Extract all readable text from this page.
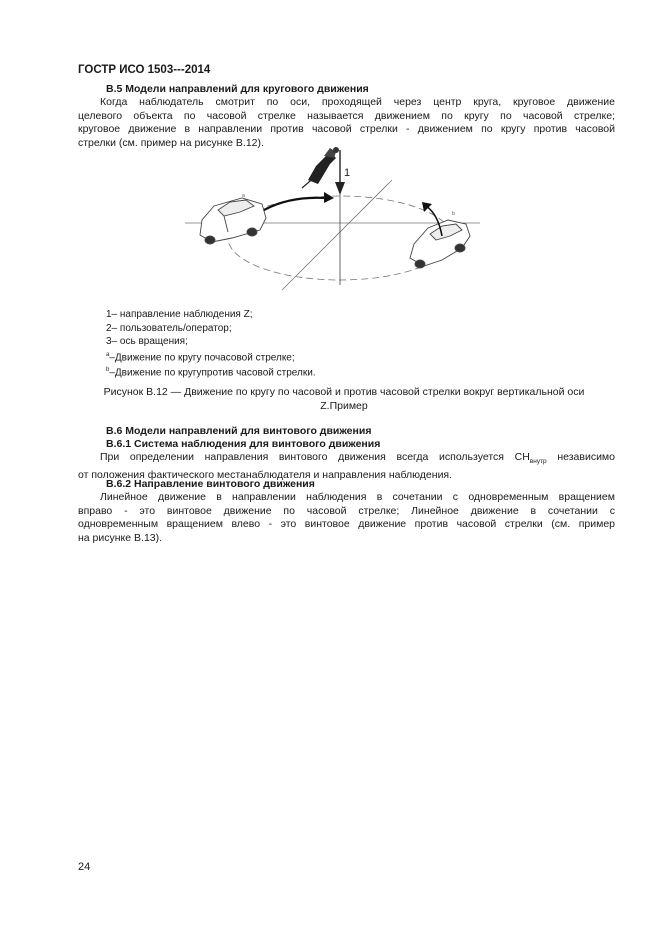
ГОСТР ИСО 1503---2014
В.5 Модели направлений для кругового движения
Когда наблюдатель смотрит по оси, проходящей через центр круга, круговое движение
целевого объекта по часовой стрелке называется движением по кругу по часовой стрелке;
круговое движение в направлении против часовой стрелки - движением по кругу против часовой
стрелки (см. пример на рисунке В.12).
1
a
b
1– направление наблюдения Z;
2– пользователь/оператор;
3– ось вращения;
$^a$–Движение по кругу почасовой стрелке;
$^b$–Движение по кругупротив часовой стрелки.
Рисунок В.12 — Движение по кругу по часовой и против часовой стрелки вокруг вертикальной оси
Z.Пример
В.6 Модели направлений для винтового движения
В.6.1 Система наблюдения для винтового движения
При определении направления винтового движения всегда используется $CH_{внутр}$ независимо
от положения фактического местанаблюдателя и направления наблюдения.
В.6.2 Направление винтового движения
Линейное движение в направлении наблюдения в сочетании с одновременным вращением
вправо - это винтовое движение по часовой стрелке; Линейное движение в сочетании с
одновременным вращением влево - это винтовое движение против часовой стрелки (см. пример
на рисунке В.13).
24
